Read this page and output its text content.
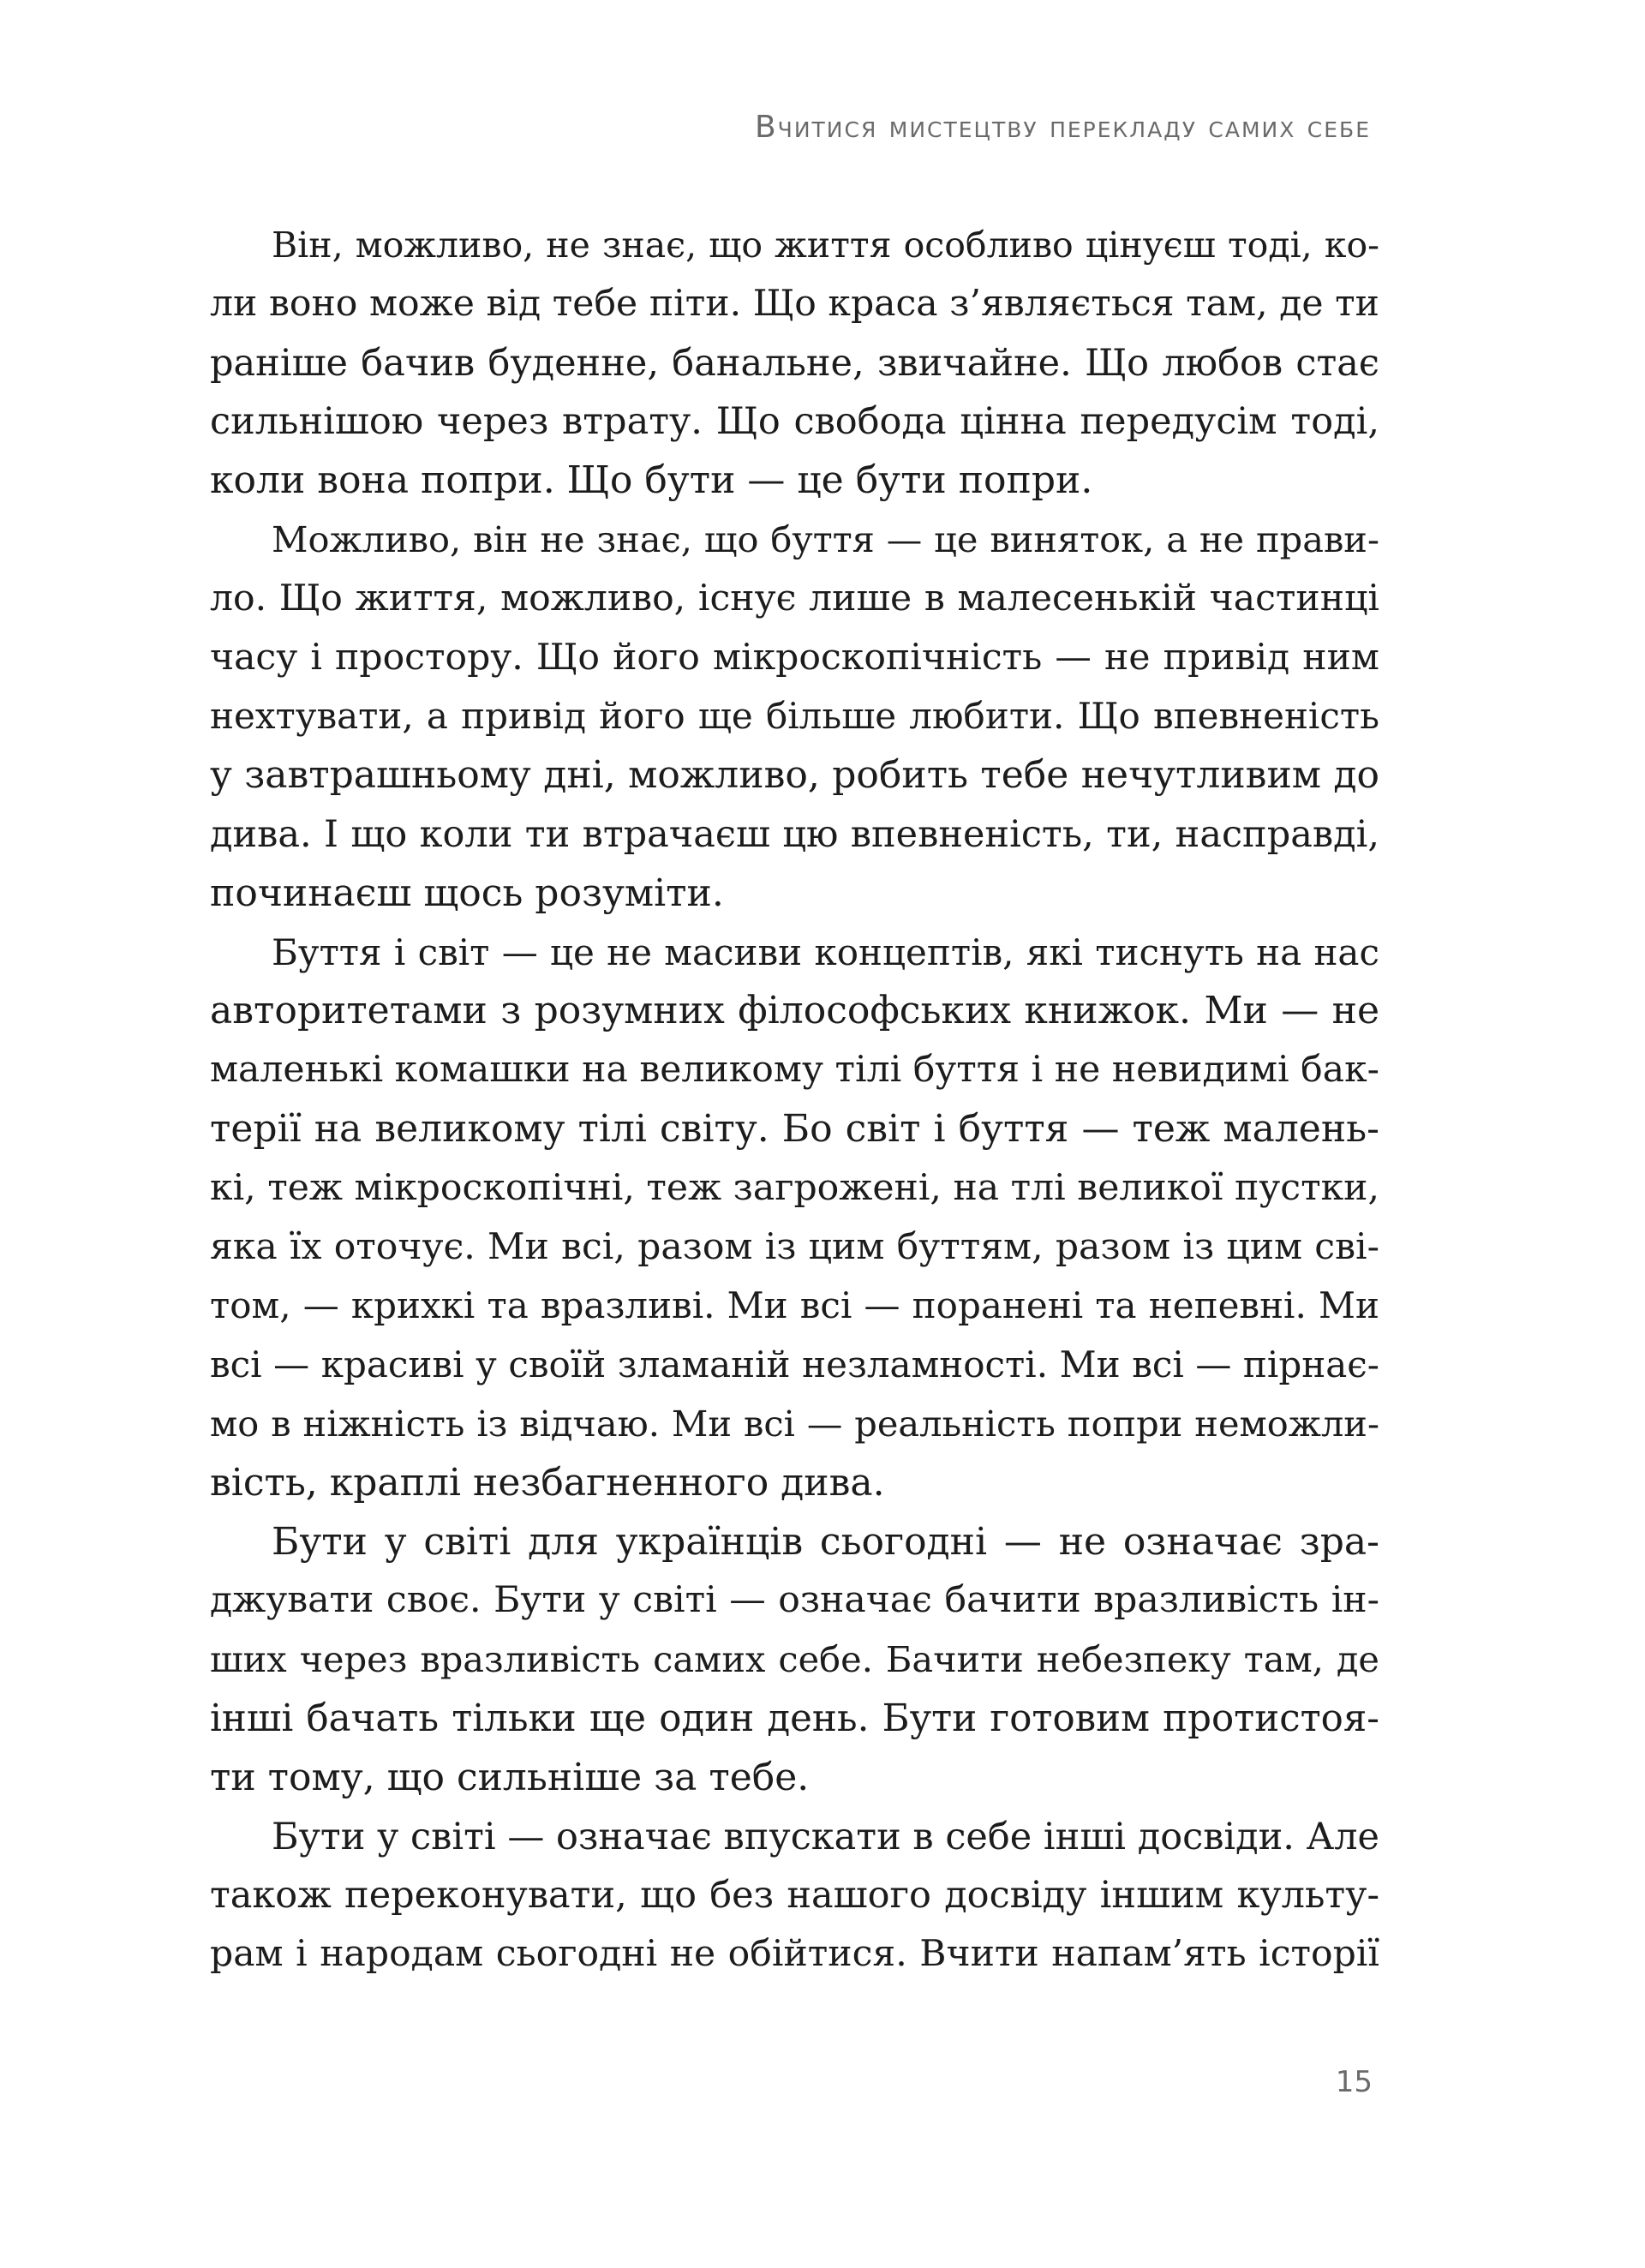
Вчитися мистецтву перекладу самих себе

Він, можливо, не знає, що життя особливо цінуєш тоді, ко-
ли воно може від тебе піти. Що краса з’являється там, де ти
раніше бачив буденне, банальне, звичайне. Що любов стає
сильнішою через втрату. Що свобода цінна передусім тоді,
коли вона попри. Що бути — це бути попри.

Можливо, він не знає, що буття — це виняток, а не прави-
ло. Що життя, можливо, існує лише в малесенькій частинці
часу і простору. Що його мікроскопічність — не привід ним
нехтувати, а привід його ще більше любити. Що впевненість
у завтрашньому дні, можливо, робить тебе нечутливим до
дива. І що коли ти втрачаєш цю впевненість, ти, насправді,
починаєш щось розуміти.

Буття і світ — це не масиви концептів, які тиснуть на нас
авторитетами з розумних філософських книжок. Ми — не
маленькі комашки на великому тілі буття і не невидимі бак-
терії на великому тілі світу. Бо світ і буття — теж малень-
кі, теж мікроскопічні, теж загрожені, на тлі великої пустки,
яка їх оточує. Ми всі, разом із цим буттям, разом із цим сві-
том, — крихкі та вразливі. Ми всі — поранені та непевні. Ми
всі — красиві у своїй зламаній незламності. Ми всі — пірнає-
мо в ніжність із відчаю. Ми всі — реальність попри неможли-
вість, краплі незбагненного дива.

Бути у світі для українців сьогодні — не означає зра-
джувати своє. Бути у світі — означає бачити вразливість ін-
ших через вразливість самих себе. Бачити небезпеку там, де
інші бачать тільки ще один день. Бути готовим протистоя-
ти тому, що сильніше за тебе.

Бути у світі — означає впускати в себе інші досвіди. Але
також переконувати, що без нашого досвіду іншим культу-
рам і народам сьогодні не обійтися. Вчити напам’ять історії

15
